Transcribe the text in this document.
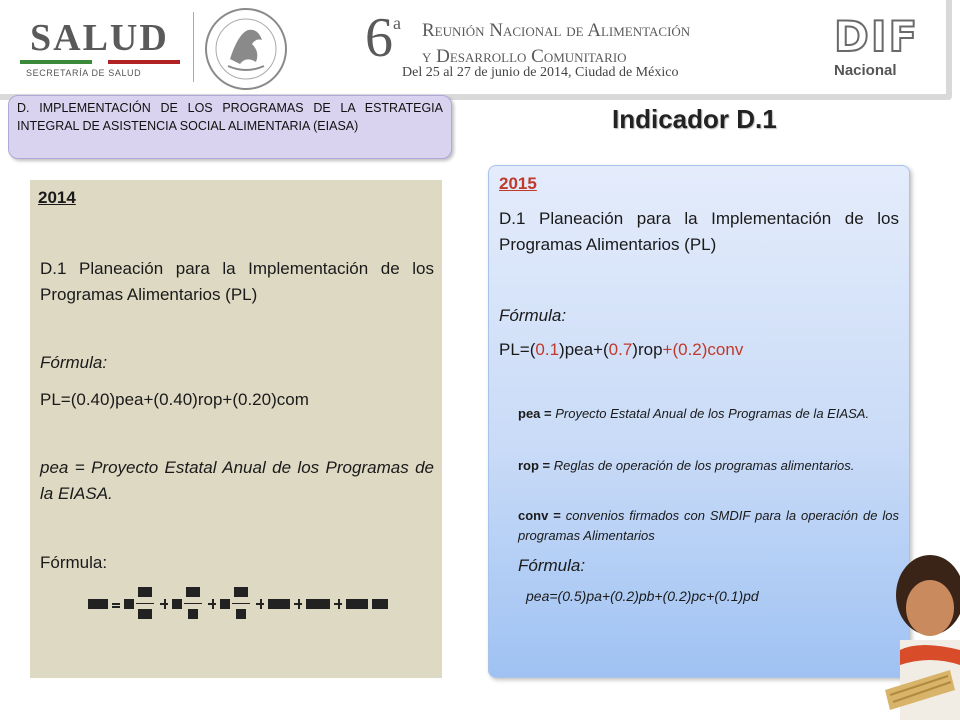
SALUD
SECRETARÍA DE SALUD
6$^a$ Reunión Nacional de Alimentación
y Desarrollo Comunitario
Del 25 al 27 de junio de 2014, Ciudad de México
DIF
Nacional
D. IMPLEMENTACIÓN DE LOS PROGRAMAS DE LA ESTRATEGIA INTEGRAL DE ASISTENCIA SOCIAL ALIMENTARIA (EIASA)	Indicador D.1
2014
D.1 Planeación para la Implementación de los Programas Alimentarios (PL)
Fórmula:
PL=(0.40)pea+(0.40)rop+(0.20)com
pea = Proyecto Estatal Anual de los Programas de la EIASA.
Fórmula:
2015
D.1 Planeación para la Implementación de los Programas Alimentarios (PL)
Fórmula:
PL=(0.1)pea+(0.7)rop+(0.2)conv
pea = Proyecto Estatal Anual de los Programas de la EIASA.
rop = Reglas de operación de los programas alimentarios.
conv = convenios firmados con SMDIF para la operación de los programas Alimentarios
Fórmula:
pea=(0.5)pa+(0.2)pb+(0.2)pc+(0.1)pd
